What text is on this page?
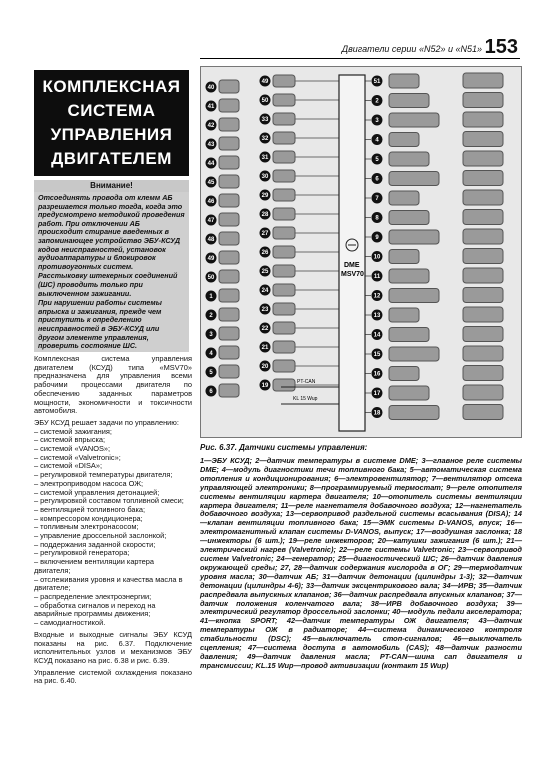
Двигатели серии «N52» и «N51» 153
КОМПЛЕКСНАЯ
СИСТЕМА
УПРАВЛЕНИЯ
ДВИГАТЕЛЕМ
Внимание!

Отсоединять провода от клемм АБ разрешается только тогда, когда это предусмотрено методикой проведения работ. При отключении АБ происходит стирание введенных в запоминающее устройство ЭБУ-КСУД кодов неисправностей, установок аудиоаппаратуры и блокировок противоугонных систем.

Расстыковку штекерных соединений (ШС) проводить только при выключенном зажигании.

При нарушении работы системы впрыска и зажигания, прежде чем приступить к определению неисправностей в ЭБУ-КСУД или другом элементе управления, проверить состояние ШС.

Комплексная система управления двигателем (КСУД) типа «MSV70» предназначена для управления всеми рабочими процессами двигателя по обеспечению заданных параметров мощности, экономичности и токсичности автомобиля.

ЭБУ КСУД решает задачи по управлению:

– системой зажигания;
– системой впрыска;
– системой «VANOS»;
– системой «Valvetronic»;
– системой «DISA»;
– регулировкой температуры двигателя;
– электроприводом насоса ОЖ;
– системой управления детонацией;
– регулировкой составом топливной смеси;
– вентиляцией топливного бака;
– компрессором кондиционера;
– топливным электронасосом;
– управление дроссельной заслонкой;
– поддержания заданной скорости;
– регулировкой генератора;
– включением вентиляции картера двигателя;
– отслеживания уровня и качества масла в двигателе;
– распределение электроэнергии;
– обработка сигналов и переход на аварийные программы движения;
– самодиагностикой.

Входные и выходные сигналы ЭБУ КСУД показаны на рис. 6.37. Подключение исполнительных узлов и механизмов ЭБУ КСУД показано на рис. 6.38 и рис. 6.39.

Управление системой охлаждения показано на рис. 6.40.

DME
MSV70
PT-CAN
KL 15 Wup
40
41
42
43
44
45
46
47
48
49
50
1
2
3
4
5
6
49
50
33
32
31
30
29
28
27
26
25
24
23
22
21
20
19
51
2
3
4
5
6
7
8
9
10
11
12
13
14
15
16
17
18
Рис. 6.37. Датчики системы управления:
1—ЭБУ КСУД; 2—датчик температуры в системе DME; 3—главное реле системы DME; 4—модуль диагностики течи топливного бака; 5—автоматическая система отопления и кондиционирования; 6—электровентилятор; 7—вентилятор отсека управляющей электроники; 8—программируемый термостат; 9—реле отопителя системы вентиляции картера двигателя; 10—отопитель системы вентиляции картера двигателя; 11—реле нагнетателя добавочного воздуха; 12—нагнетатель добавочного воздуха; 13—сервопривод раздельной системы всасывания (DISA); 14—клапан вентиляции топливного бака; 15—ЭМК системы D-VANOS, впуск; 16—электромагнитный клапан системы D-VANOS, выпуск; 17—воздушная заслонка; 18—инжекторы (6 шт.); 19—реле инжекторов; 20—катушки зажигания (6 шт.); 21—электрический нагрев (Valvetronic); 22—реле системы Valvetronic; 23—сервопривод систем Valvetronic; 24—генератор; 25—диагностический ШС; 26—датчик давления окружающей среды; 27, 28—датчик содержания кислорода в ОГ; 29—термодатчик уровня масла; 30—датчик АБ; 31—датчик детонации (цилиндры 1-3); 32—датчик детонации (цилиндры 4-6); 33—датчик эксцентрикового вала; 34—ИРВ; 35—датчик распредвала выпускных клапанов; 36—датчик распредвала впускных клапанов; 37—датчик положения коленчатого вала; 38—ИРВ добавочного воздуха; 39—электрический регулятор дроссельной заслонки; 40—модуль педали акселератора; 41—кнопка SPORT; 42—датчик температуры ОЖ двигателя; 43—датчик температуры ОЖ в радиаторе; 44—система динамического контроля стабильности (DSC); 45—выключатель стоп-сигналов; 46—выключатель сцепления; 47—система доступа в автомобиль (CAS); 48—датчик разности давления; 49—датчик давления масла; PT-CAN—шина сап двигателя и трансмиссии; KL.15 Wup—провод активизации (контакт 15 Wup)
